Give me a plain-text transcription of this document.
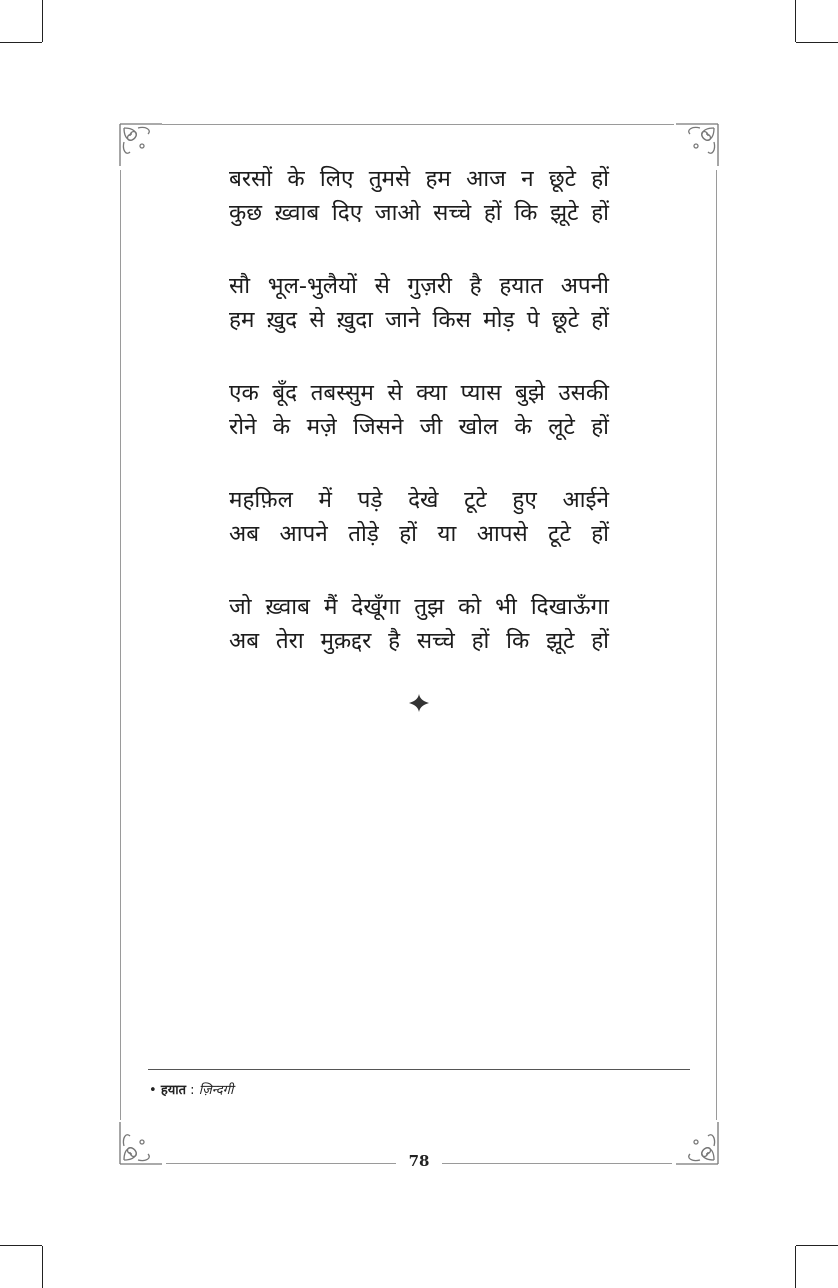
बरसों के लिए तुमसे हम आज न छूटे हों
कुछ ख़्वाब दिए जाओ सच्चे हों कि झूटे हों
सौ भूल-भुलैयों से गुज़री है हयात अपनी
हम ख़ुद से ख़ुदा जाने किस मोड़ पे छूटे हों
एक बूँद तबस्सुम से क्या प्यास बुझे उसकी
रोने के मज़े जिसने जी खोल के लूटे हों
महफ़िल में पड़े देखे टूटे हुए आईने
अब आपने तोड़े हों या आपसे टूटे हों
जो ख़्वाब मैं देखूँगा तुझ को भी दिखाऊँगा
अब तेरा मुक़द्दर है सच्चे हों कि झूटे हों
• हयात : ज़िन्दगी
78
